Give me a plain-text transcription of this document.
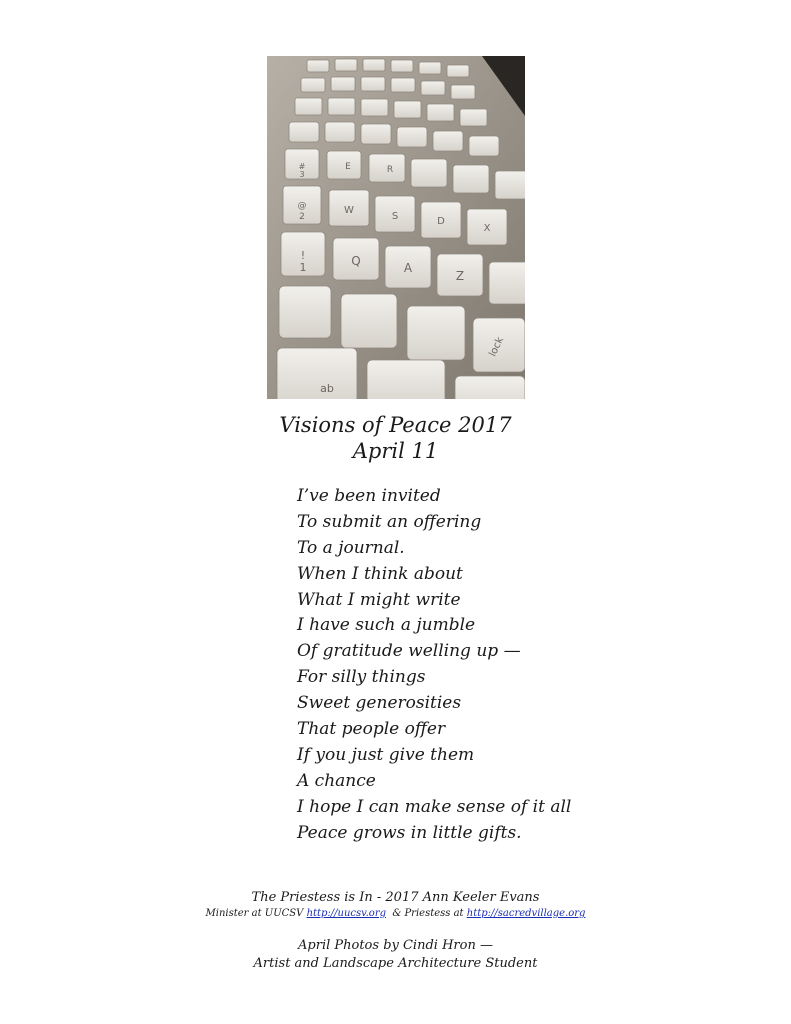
#
3
E	R
@
2
W
S	D
X
!
1	Q	A
Z
lock
ab
Visions of Peace 2017
April 11
I’ve been invited
To submit an offering
To a journal.
When I think about
What I might write
I have such a jumble
Of gratitude welling up —
For silly things
Sweet generosities
That people offer
If you just give them
A chance
I hope I can make sense of it all
Peace grows in little gifts.
The Priestess is In - 2017 Ann Keeler Evans
Minister at UUCSV http://uucsv.org & Priestess at http://sacredvillage.org
April Photos by Cindi Hron —
Artist and Landscape Architecture Student
